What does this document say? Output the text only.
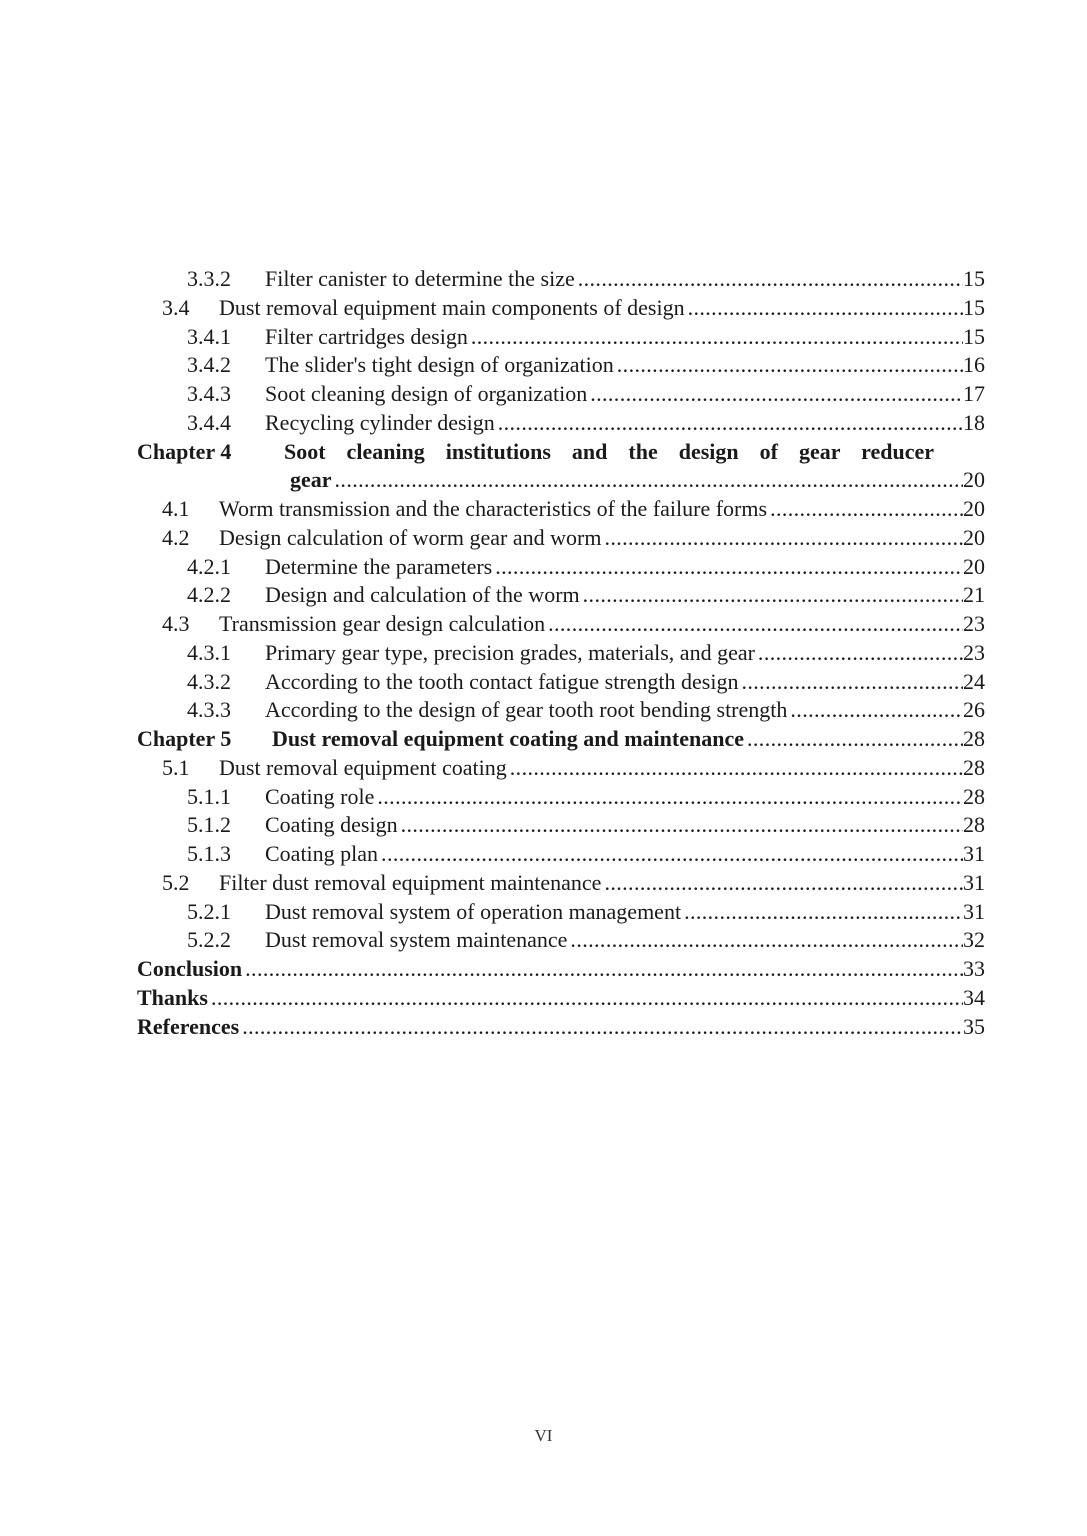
3.3.2	Filter canister to determine the size .....	15
3.4	Dust removal equipment main components of design .....	15
3.4.1	Filter cartridges design .....	15
3.4.2	The slider's tight design of organization .....	16
3.4.3	Soot cleaning design of organization .....	17
3.4.4	Recycling cylinder design .....	18
Chapter 4	Soot cleaning institutions and the design of gear reducer
gear .....	20
4.1	Worm transmission and the characteristics of the failure forms .....	20
4.2	Design calculation of worm gear and worm .....	20
4.2.1	Determine the parameters .....	20
4.2.2	Design and calculation of the worm .....	21
4.3	Transmission gear design calculation .....	23
4.3.1	Primary gear type, precision grades, materials, and gear .....	23
4.3.2	According to the tooth contact fatigue strength design .....	24
4.3.3	According to the design of gear tooth root bending strength .....	26
Chapter 5	Dust removal equipment coating and maintenance .....	28
5.1	Dust removal equipment coating .....	28
5.1.1	Coating role .....	28
5.1.2	Coating design .....	28
5.1.3	Coating plan .....	31
5.2	Filter dust removal equipment maintenance .....	31
5.2.1	Dust removal system of operation management .....	31
5.2.2	Dust removal system maintenance .....	32
Conclusion .....	33
Thanks .....	34
References .....	35
VI
